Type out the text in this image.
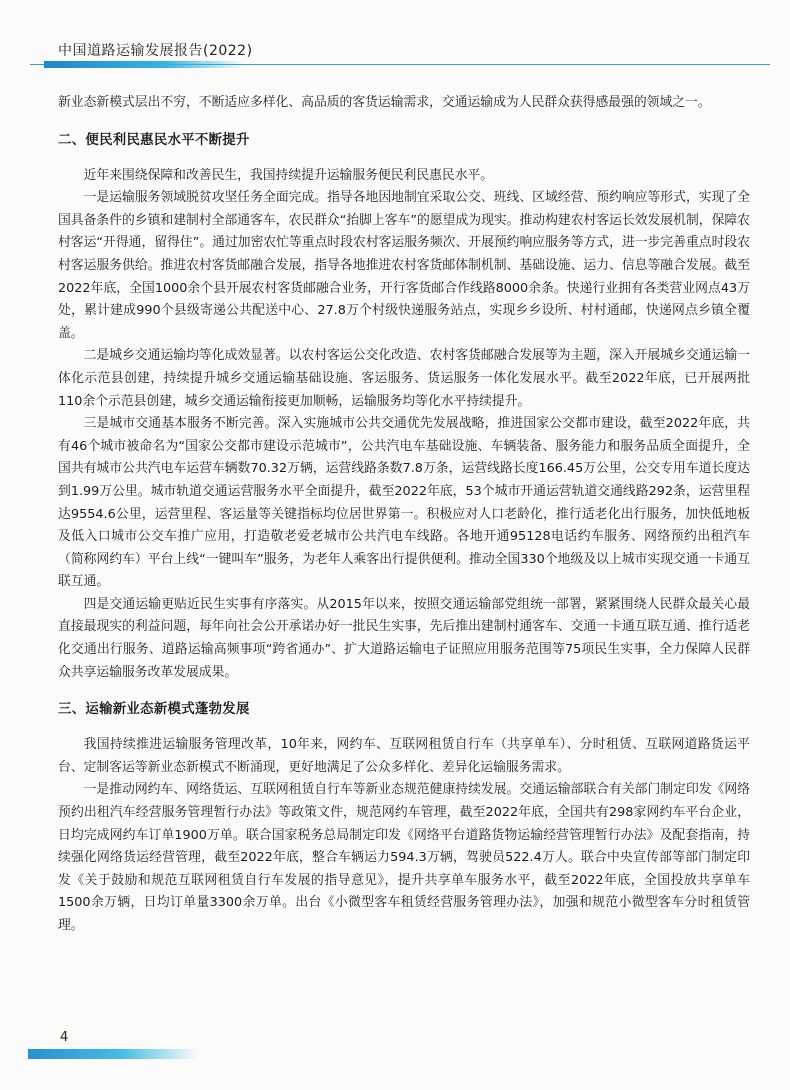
中国道路运输发展报告(2022)

新业态新模式层出不穷，不断适应多样化、高品质的客货运输需求，交通运输成为人民群众获得感最强的领域之一。

二、便民利民惠民水平不断提升

近年来围绕保障和改善民生，我国持续提升运输服务便民利民惠民水平。

一是运输服务领域脱贫攻坚任务全面完成。指导各地因地制宜采取公交、班线、区域经营、预约响应等形式，实现了全国具备条件的乡镇和建制村全部通客车，农民群众“抬脚上客车”的愿望成为现实。推动构建农村客运长效发展机制，保障农村客运“开得通，留得住”。通过加密农忙等重点时段农村客运服务频次、开展预约响应服务等方式，进一步完善重点时段农村客运服务供给。推进农村客货邮融合发展，指导各地推进农村客货邮体制机制、基础设施、运力、信息等融合发展。截至2022年底，全国1000余个县开展农村客货邮融合业务，开行客货邮合作线路8000余条。快递行业拥有各类营业网点43万处，累计建成990个县级寄递公共配送中心、27.8万个村级快递服务站点，实现乡乡设所、村村通邮，快递网点乡镇全覆盖。

二是城乡交通运输均等化成效显著。以农村客运公交化改造、农村客货邮融合发展等为主题，深入开展城乡交通运输一体化示范县创建，持续提升城乡交通运输基础设施、客运服务、货运服务一体化发展水平。截至2022年底，已开展两批110余个示范县创建，城乡交通运输衔接更加顺畅，运输服务均等化水平持续提升。

三是城市交通基本服务不断完善。深入实施城市公共交通优先发展战略，推进国家公交都市建设，截至2022年底，共有46个城市被命名为“国家公交都市建设示范城市”，公共汽电车基础设施、车辆装备、服务能力和服务品质全面提升，全国共有城市公共汽电车运营车辆数70.32万辆，运营线路条数7.8万条，运营线路长度166.45万公里，公交专用车道长度达到1.99万公里。城市轨道交通运营服务水平全面提升，截至2022年底，53个城市开通运营轨道交通线路292条，运营里程达9554.6公里，运营里程、客运量等关键指标均位居世界第一。积极应对人口老龄化，推行适老化出行服务，加快低地板及低入口城市公交车推广应用，打造敬老爱老城市公共汽电车线路。各地开通95128电话约车服务、网络预约出租汽车（简称网约车）平台上线“一键叫车”服务，为老年人乘客出行提供便利。推动全国330个地级及以上城市实现交通一卡通互联互通。

四是交通运输更贴近民生实事有序落实。从2015年以来，按照交通运输部党组统一部署，紧紧围绕人民群众最关心最直接最现实的利益问题，每年向社会公开承诺办好一批民生实事，先后推出建制村通客车、交通一卡通互联互通、推行适老化交通出行服务、道路运输高频事项“跨省通办”、扩大道路运输电子证照应用服务范围等75项民生实事，全力保障人民群众共享运输服务改革发展成果。

三、运输新业态新模式蓬勃发展

我国持续推进运输服务管理改革，10年来，网约车、互联网租赁自行车（共享单车）、分时租赁、互联网道路货运平台、定制客运等新业态新模式不断涌现，更好地满足了公众多样化、差异化运输服务需求。

一是推动网约车、网络货运、互联网租赁自行车等新业态规范健康持续发展。交通运输部联合有关部门制定印发《网络预约出租汽车经营服务管理暂行办法》等政策文件，规范网约车管理，截至2022年底，全国共有298家网约车平台企业，日均完成网约车订单1900万单。联合国家税务总局制定印发《网络平台道路货物运输经营管理暂行办法》及配套指南，持续强化网络货运经营管理，截至2022年底，整合车辆运力594.3万辆，驾驶员522.4万人。联合中央宣传部等部门制定印发《关于鼓励和规范互联网租赁自行车发展的指导意见》，提升共享单车服务水平，截至2022年底，全国投放共享单车1500余万辆，日均订单量3300余万单。出台《小微型客车租赁经营服务管理办法》，加强和规范小微型客车分时租赁管理。

4
